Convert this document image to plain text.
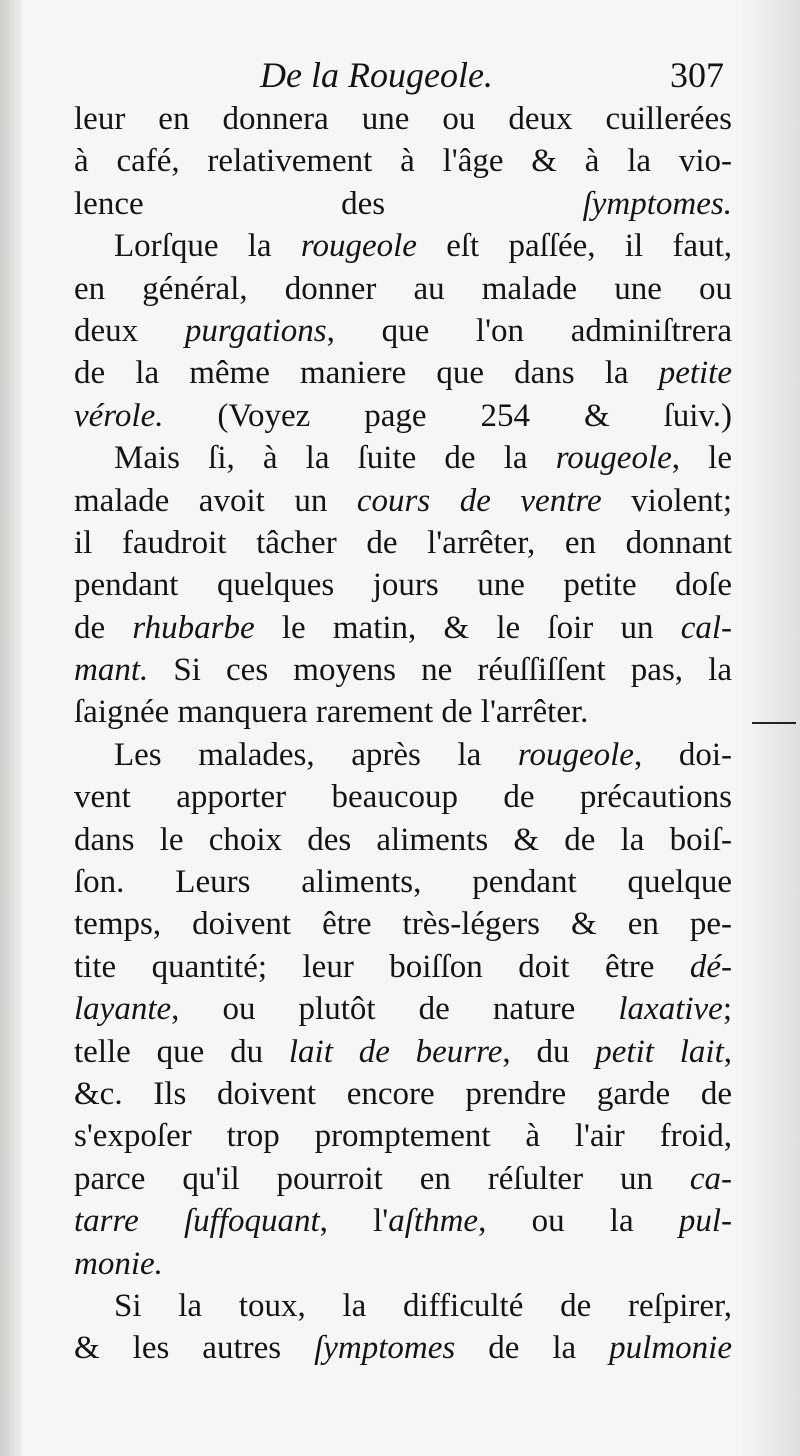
De la Rougeole.	307
leur en donnera une ou deux cuillerées
à café, relativement à l'âge & à la vio-
lence des ſymptomes.
Lorſque la rougeole eſt paſſée, il faut,
en général, donner au malade une ou
deux purgations, que l'on adminiſtrera
de la même maniere que dans la petite
vérole. (Voyez page 254 & ſuiv.)
Mais ſi, à la ſuite de la rougeole, le
malade avoit un cours de ventre violent;
il faudroit tâcher de l'arrêter, en donnant
pendant quelques jours une petite doſe
de rhubarbe le matin, & le ſoir un cal-
mant. Si ces moyens ne réuſſiſſent pas, la
ſaignée manquera rarement de l'arrêter.
Les malades, après la rougeole, doi-
vent apporter beaucoup de précautions
dans le choix des aliments & de la boiſ-
ſon. Leurs aliments, pendant quelque
temps, doivent être très-légers & en pe-
tite quantité; leur boiſſon doit être dé-
layante, ou plutôt de nature laxative;
telle que du lait de beurre, du petit lait,
&c. Ils doivent encore prendre garde de
s'expoſer trop promptement à l'air froid,
parce qu'il pourroit en réſulter un ca-
tarre ſuffoquant, l'aſthme, ou la pul-
monie.
Si la toux, la difficulté de reſpirer,
& les autres ſymptomes de la pulmonie
